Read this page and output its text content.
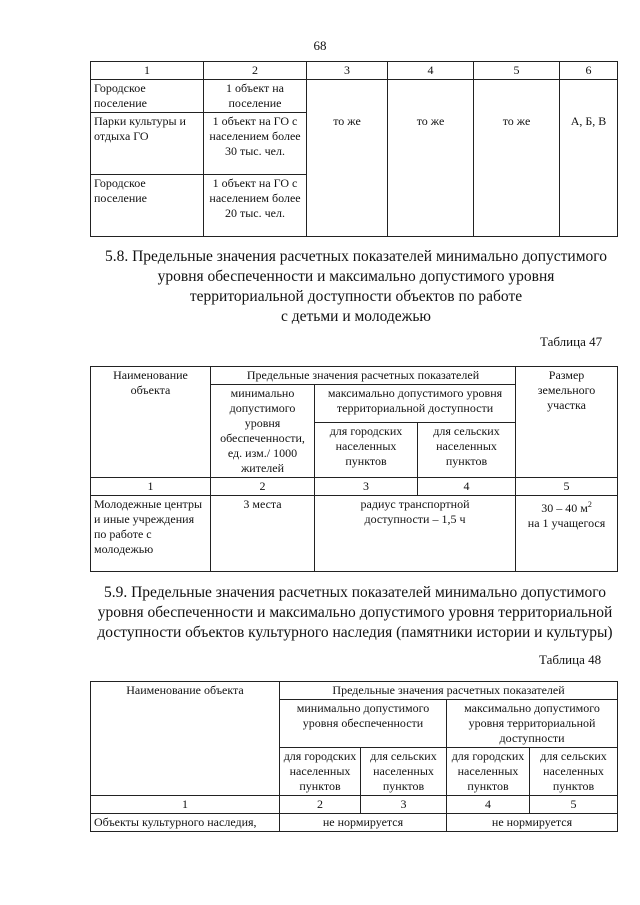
68
1	2	3	4	5	6
Городское поселение	1 объект на поселение				
Парки культуры и отдыха ГО	1 объект на ГО с населением более 30 тыс. чел.	то же	то же	то же	А, Б, В
Городское поселение	1 объект на ГО с населением более 20 тыс. чел.				
5.8. Предельные значения расчетных показателей минимально допустимого
уровня обеспеченности и максимально допустимого уровня
территориальной доступности объектов по работе
с детьми и молодежью
Таблица 47
Наименование объекта	Предельные значения расчетных показателей			Размер земельного участка
	минимально допустимого уровня обеспеченности, ед. изм./ 1000 жителей	максимально допустимого уровня территориальной доступности		
		для городских населенных пунктов	для сельских населенных пунктов	
1	2	3	4	5
Молодежные центры и иные учреждения по работе с молодежью	3 места	радиус транспортной доступности – 1,5 ч		30 – 40 $м^2$
на 1 учащегося
5.9. Предельные значения расчетных показателей минимально допустимого
уровня обеспеченности и максимально допустимого уровня территориальной
доступности объектов культурного наследия (памятники истории и культуры)
Таблица 48
Наименование объекта	Предельные значения расчетных показателей			

	минимально допустимого уровня обеспеченности		максимально допустимого уровня территориальной доступности	
	для городских населенных пунктов	для сельских населенных пунктов	для городских населенных пунктов	для сельских населенных пунктов
1	2	3	4	5
Объекты культурного наследия,	не нормируется		не нормируется	
